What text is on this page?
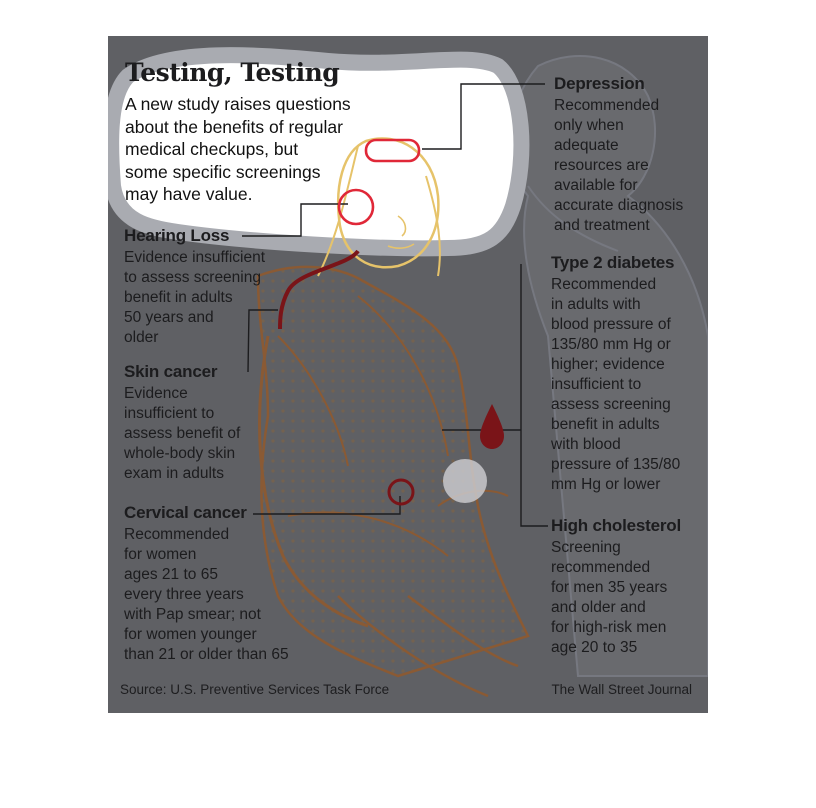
Testing, Testing
A new study raises questions
about the benefits of regular
medical checkups, but
some specific screenings
may have value.
Hearing Loss
Evidence insufficient
to assess screening
benefit in adults
50 years and
older
Skin cancer
Evidence
insufficient to
assess benefit of
whole-body skin
exam in adults
Cervical cancer
Recommended
for women
ages 21 to 65
every three years
with Pap smear; not
for women younger
than 21 or older than 65
Depression
Recommended
only when
adequate
resources are
available for
accurate diagnosis
and treatment
Type 2 diabetes
Recommended
in adults with
blood pressure of
135/80 mm Hg or
higher; evidence
insufficient to
assess screening
benefit in adults
with blood
pressure of 135/80
mm Hg or lower
High cholesterol
Screening
recommended
for men 35 years
and older and
for high-risk men
age 20 to 35
Source: U.S. Preventive Services Task Force	The Wall Street Journal
